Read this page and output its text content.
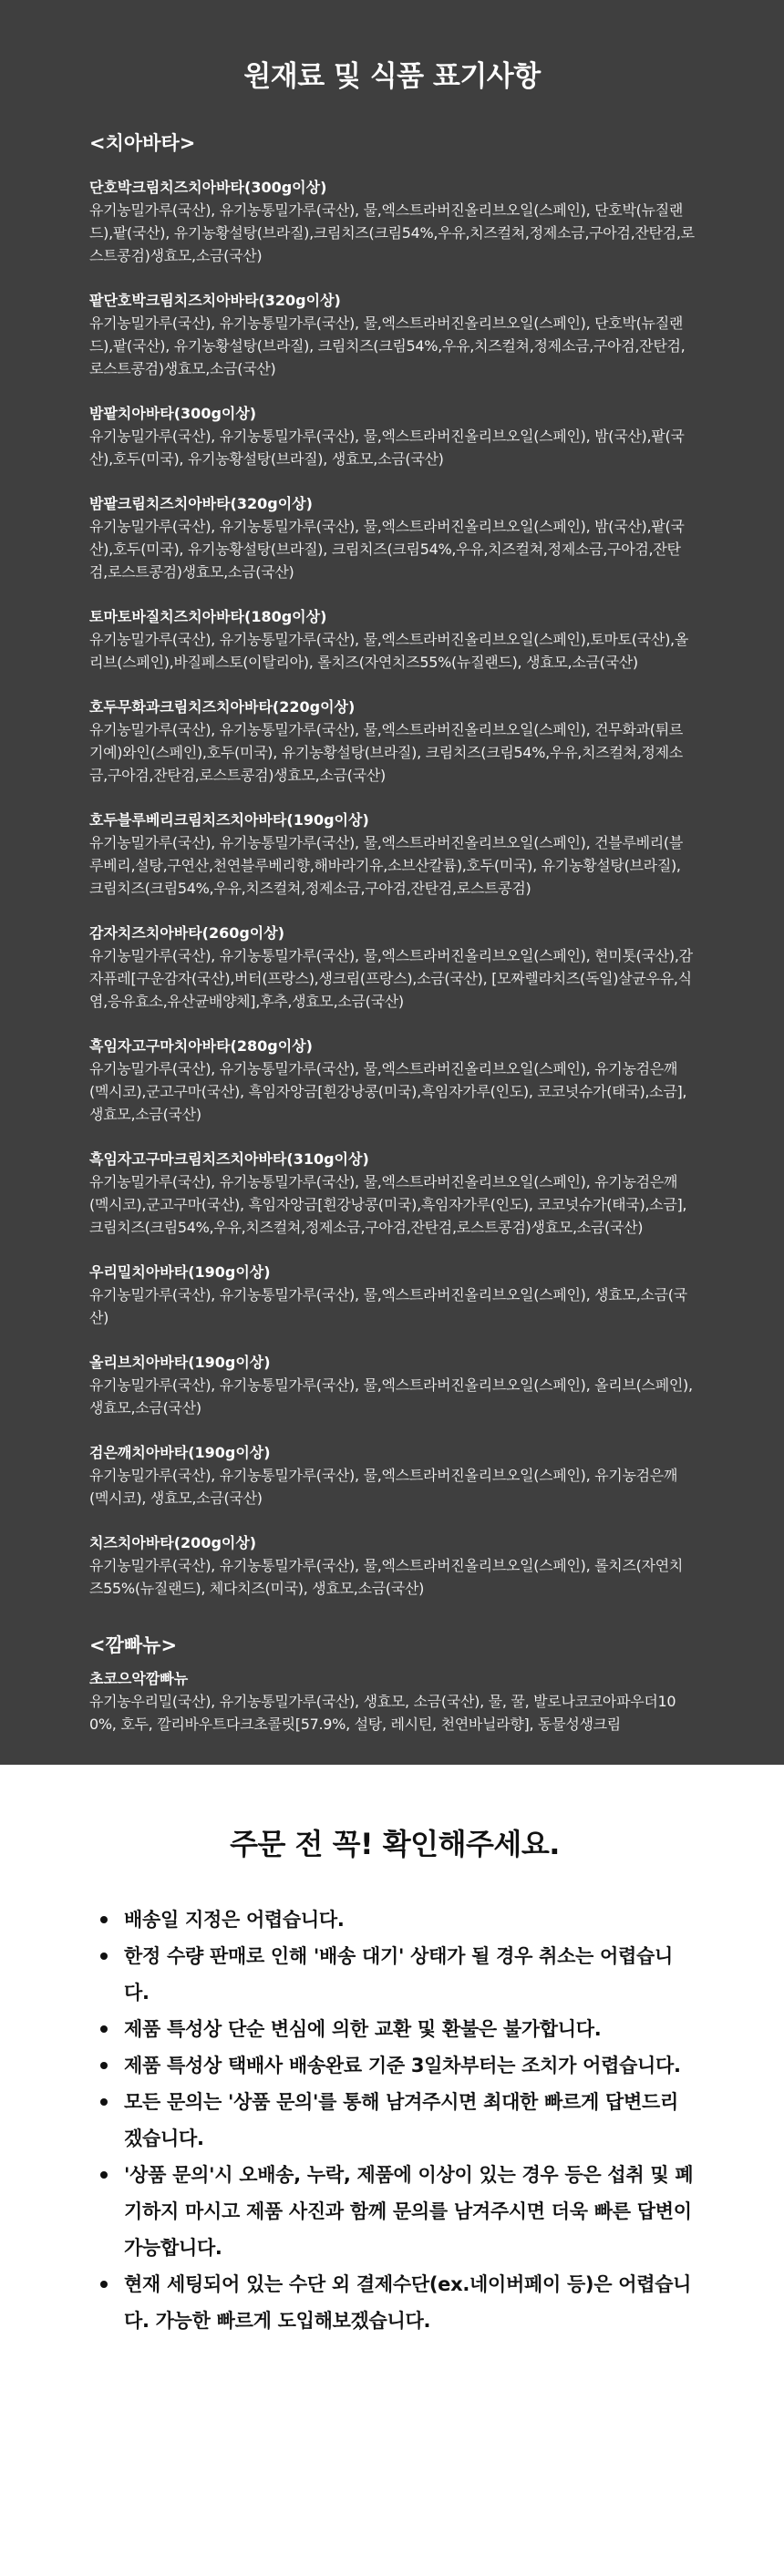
원재료 및 식품 표기사항
<치아바타>
단호박크림치즈치아바타(300g이상)
유기농밀가루(국산), 유기농통밀가루(국산), 물,엑스트라버진올리브오일(스페인), 단호박(뉴질랜드),팥(국산), 유기농황설탕(브라질),크림치즈(크림54%,우유,치즈컬쳐,정제소금,구아검,잔탄검,로스트콩검)생효모,소금(국산)
팥단호박크림치즈치아바타(320g이상)
유기농밀가루(국산), 유기농통밀가루(국산), 물,엑스트라버진올리브오일(스페인), 단호박(뉴질랜드),팥(국산), 유기농황설탕(브라질), 크림치즈(크림54%,우유,치즈컬쳐,정제소금,구아검,잔탄검,로스트콩검)생효모,소금(국산)
밤팥치아바타(300g이상)
유기농밀가루(국산), 유기농통밀가루(국산), 물,엑스트라버진올리브오일(스페인), 밤(국산),팥(국산),호두(미국), 유기농황설탕(브라질), 생효모,소금(국산)
밤팥크림치즈치아바타(320g이상)
유기농밀가루(국산), 유기농통밀가루(국산), 물,엑스트라버진올리브오일(스페인), 밤(국산),팥(국산),호두(미국), 유기농황설탕(브라질), 크림치즈(크림54%,우유,치즈컬쳐,정제소금,구아검,잔탄검,로스트콩검)생효모,소금(국산)
토마토바질치즈치아바타(180g이상)
유기농밀가루(국산), 유기농통밀가루(국산), 물,엑스트라버진올리브오일(스페인),토마토(국산),올리브(스페인),바질페스토(이탈리아), 롤치즈(자연치즈55%(뉴질랜드), 생효모,소금(국산)
호두무화과크림치즈치아바타(220g이상)
유기농밀가루(국산), 유기농통밀가루(국산), 물,엑스트라버진올리브오일(스페인), 건무화과(튀르기예)와인(스페인),호두(미국), 유기농황설탕(브라질), 크림치즈(크림54%,우유,치즈컬쳐,정제소금,구아검,잔탄검,로스트콩검)생효모,소금(국산)
호두블루베리크림치즈치아바타(190g이상)
유기농밀가루(국산), 유기농통밀가루(국산), 물,엑스트라버진올리브오일(스페인), 건블루베리(블루베리,설탕,구연산,천연블루베리향,해바라기유,소브산칼륨),호두(미국), 유기농황설탕(브라질), 크림치즈(크림54%,우유,치즈컬쳐,정제소금,구아검,잔탄검,로스트콩검)
감자치즈치아바타(260g이상)
유기농밀가루(국산), 유기농통밀가루(국산), 물,엑스트라버진올리브오일(스페인), 현미톳(국산),감자퓨레[구운감자(국산),버터(프랑스),생크림(프랑스),소금(국산), [모짜렐라치즈(독일)살균우유,식염,응유효소,유산균배양체],후추,생효모,소금(국산)
흑임자고구마치아바타(280g이상)
유기농밀가루(국산), 유기농통밀가루(국산), 물,엑스트라버진올리브오일(스페인), 유기농검은깨(멕시코),군고구마(국산), 흑임자앙금[흰강낭콩(미국),흑임자가루(인도), 코코넛슈가(태국),소금], 생효모,소금(국산)
흑임자고구마크림치즈치아바타(310g이상)
유기농밀가루(국산), 유기농통밀가루(국산), 물,엑스트라버진올리브오일(스페인), 유기농검은깨(멕시코),군고구마(국산), 흑임자앙금[흰강낭콩(미국),흑임자가루(인도), 코코넛슈가(태국),소금], 크림치즈(크림54%,우유,치즈컬쳐,정제소금,구아검,잔탄검,로스트콩검)생효모,소금(국산)
우리밀치아바타(190g이상)
유기농밀가루(국산), 유기농통밀가루(국산), 물,엑스트라버진올리브오일(스페인), 생효모,소금(국산)
올리브치아바타(190g이상)
유기농밀가루(국산), 유기농통밀가루(국산), 물,엑스트라버진올리브오일(스페인), 올리브(스페인), 생효모,소금(국산)
검은깨치아바타(190g이상)
유기농밀가루(국산), 유기농통밀가루(국산), 물,엑스트라버진올리브오일(스페인), 유기농검은깨(멕시코), 생효모,소금(국산)
치즈치아바타(200g이상)
유기농밀가루(국산), 유기농통밀가루(국산), 물,엑스트라버진올리브오일(스페인), 롤치즈(자연치즈55%(뉴질랜드), 체다치즈(미국), 생효모,소금(국산)
<깜빠뉴>
초코으악깜빠뉴
유기농우리밀(국산), 유기농통밀가루(국산), 생효모, 소금(국산), 물, 꿀, 발로나코코아파우더100%, 호두, 깔리바우트다크초콜릿[57.9%, 설탕, 레시틴, 천연바닐라향], 동물성생크림
주문 전 꼭! 확인해주세요.
배송일 지정은 어렵습니다.
한정 수량 판매로 인해 '배송 대기' 상태가 될 경우 취소는 어렵습니다.
제품 특성상 단순 변심에 의한 교환 및 환불은 불가합니다.
제품 특성상 택배사 배송완료 기준 3일차부터는 조치가 어렵습니다.
모든 문의는 '상품 문의'를 통해 남겨주시면 최대한 빠르게 답변드리겠습니다.
'상품 문의'시 오배송, 누락, 제품에 이상이 있는 경우 등은 섭취 및 폐기하지 마시고 제품 사진과 함께 문의를 남겨주시면 더욱 빠른 답변이 가능합니다.
현재 세팅되어 있는 수단 외 결제수단(ex.네이버페이 등)은 어렵습니다. 가능한 빠르게 도입해보겠습니다.
